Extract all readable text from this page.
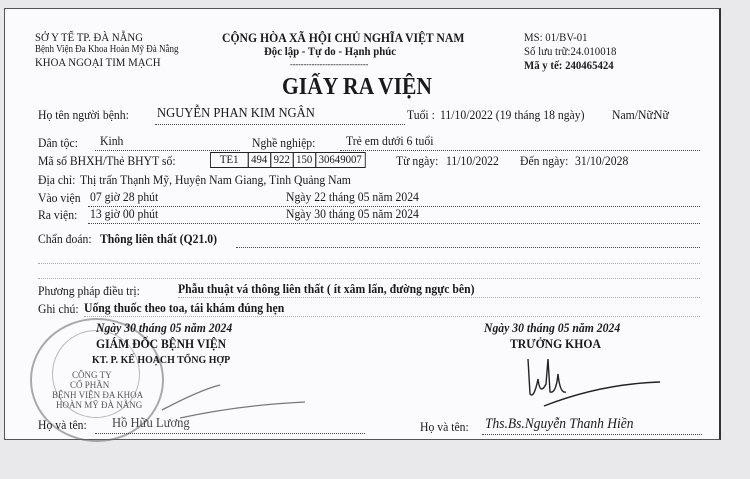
SỞ Y TẾ TP. ĐÀ NẴNG
Bệnh Viện Đa Khoa Hoàn Mỹ Đà Nẵng
KHOA NGOẠI TIM MẠCH
CỘNG HÒA XÃ HỘI CHỦ NGHĨA VIỆT NAM
Độc lập - Tự do - Hạnh phúc
-----------------------------
MS: 01/BV-01
Số lưu trữ:24.010018
Mã y tế: 240465424
GIẤY RA VIỆN
Họ tên người bệnh: NGUYỄN PHAN KIM NGÂN	Tuổi : 11/10/2022 (19 tháng 18 ngày) Nam/Nữ:
Nữ
Dân tộc: Kinh	Nghề nghiệp: Trẻ em dưới 6 tuổi
Mã số BHXH/Thẻ BHYT số:	TE1 494 922 150 30649007	Từ ngày: 11/10/2022 Đến ngày: 31/10/2028
Địa chỉ: Thị trấn Thạnh Mỹ, Huyện Nam Giang, Tỉnh Quảng Nam
Vào viện 07 giờ 28 phút	Ngày 22 tháng 05 năm 2024
Ra viện: 13 giờ 00 phút	Ngày 30 tháng 05 năm 2024
Chẩn đoán: Thông liên thất (Q21.0)
Phương pháp điều trị:	Phẫu thuật vá thông liên thất ( ít xâm lấn, đường ngực bên)
Ghi chú: Uống thuốc theo toa, tái khám đúng hẹn
CÔNG TY
CỔ PHẦN
BỆNH VIỆN ĐA KHOA
HOÀN MỸ ĐÀ NẴNG
Ngày 30 tháng 05 năm 2024
GIÁM ĐỐC BỆNH VIỆN
KT. P. KẾ HOẠCH TỔNG HỢP
Họ và tên: Hồ Hữu Lương
Ngày 30 tháng 05 năm 2024
TRƯỞNG KHOA
Họ và tên: Ths.Bs.Nguyễn Thanh Hiền
